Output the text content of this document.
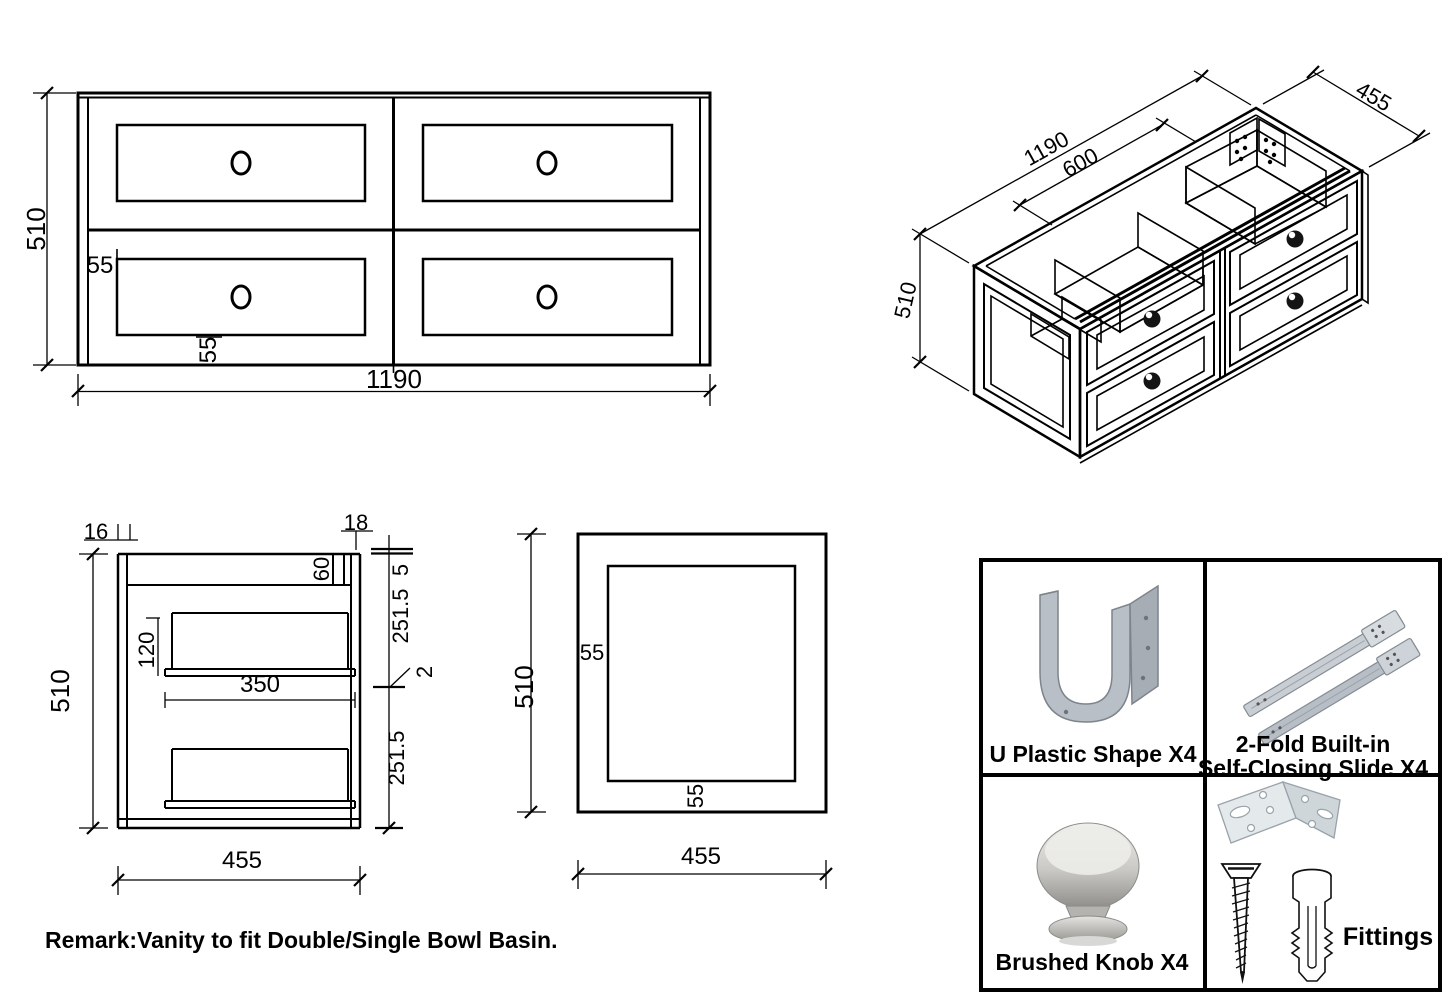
510
1190
55
55
1190
600
455
510
16	18
510
120
350
60 5
251.5
2
251.5
455
510
55
55
455
U Plastic Shape X4 2-Fold Built-in
Self-Closing Slide X4
Brushed Knob X4
Fittings
Remark:Vanity to fit Double/Single Bowl Basin.
